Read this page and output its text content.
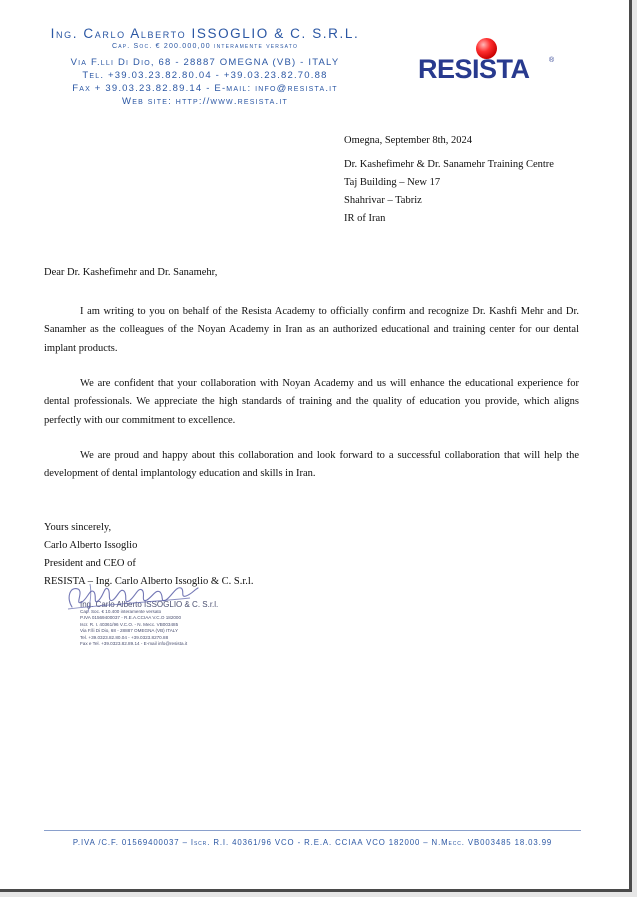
Ing. Carlo Alberto ISSOGLIO & C. S.R.L.
Cap. Soc. € 200.000,00 interamente versato
Via F.lli Di Dio, 68 - 28887 OMEGNA (VB) - ITALY
Tel. +39.03.23.82.80.04 - +39.03.23.82.70.88
Fax + 39.03.23.82.89.14 - E-mail: info@resista.it
Web site: http://www.resista.it
RESISTA	®
Omegna, September 8th, 2024
Dr. Kashefimehr & Dr. Sanamehr Training Centre
Taj Building – New 17
Shahrivar – Tabriz
IR of Iran
Dear Dr. Kashefimehr and Dr. Sanamehr,
I am writing to you on behalf of the Resista Academy to officially confirm and recognize Dr. Kashfi Mehr and Dr. Sanamher as the colleagues of the Noyan Academy in Iran as an authorized educational and training center for our dental implant products.
We are confident that your collaboration with Noyan Academy and us will enhance the educational experience for dental professionals. We appreciate the high standards of training and the quality of education you provide, which aligns perfectly with our commitment to excellence.
We are proud and happy about this collaboration and look forward to a successful collaboration that will help the development of dental implantology education and skills in Iran.
Yours sincerely,
Carlo Alberto Issoglio
President and CEO of
RESISTA – Ing. Carlo Alberto Issoglio & C. S.r.l.
Ing. Carlo Alberto ISSOGLIO & C. S.r.l.
Cap. Soc. € 10.400 interamente versato
P.IVA 01569400037 - R.E.A.CCIAA V.C.O 182000
Iscr. R. I. 40361/96 V.C.O. - N. Mecc. VB003485
Via F.lli Di Dio, 68 - 28887 OMEGNA (VB) ITALY
Tel. +39.0323.82.80.04 - +39.0323.8270.88
Fax e Tel. +39.0323.82.89.14 - E-mail info@resista.it
P.IVA /C.F. 01569400037 – Iscr. R.I. 40361/96 VCO - R.E.A. CCIAA VCO 182000 – N.Mecc. VB003485 18.03.99
